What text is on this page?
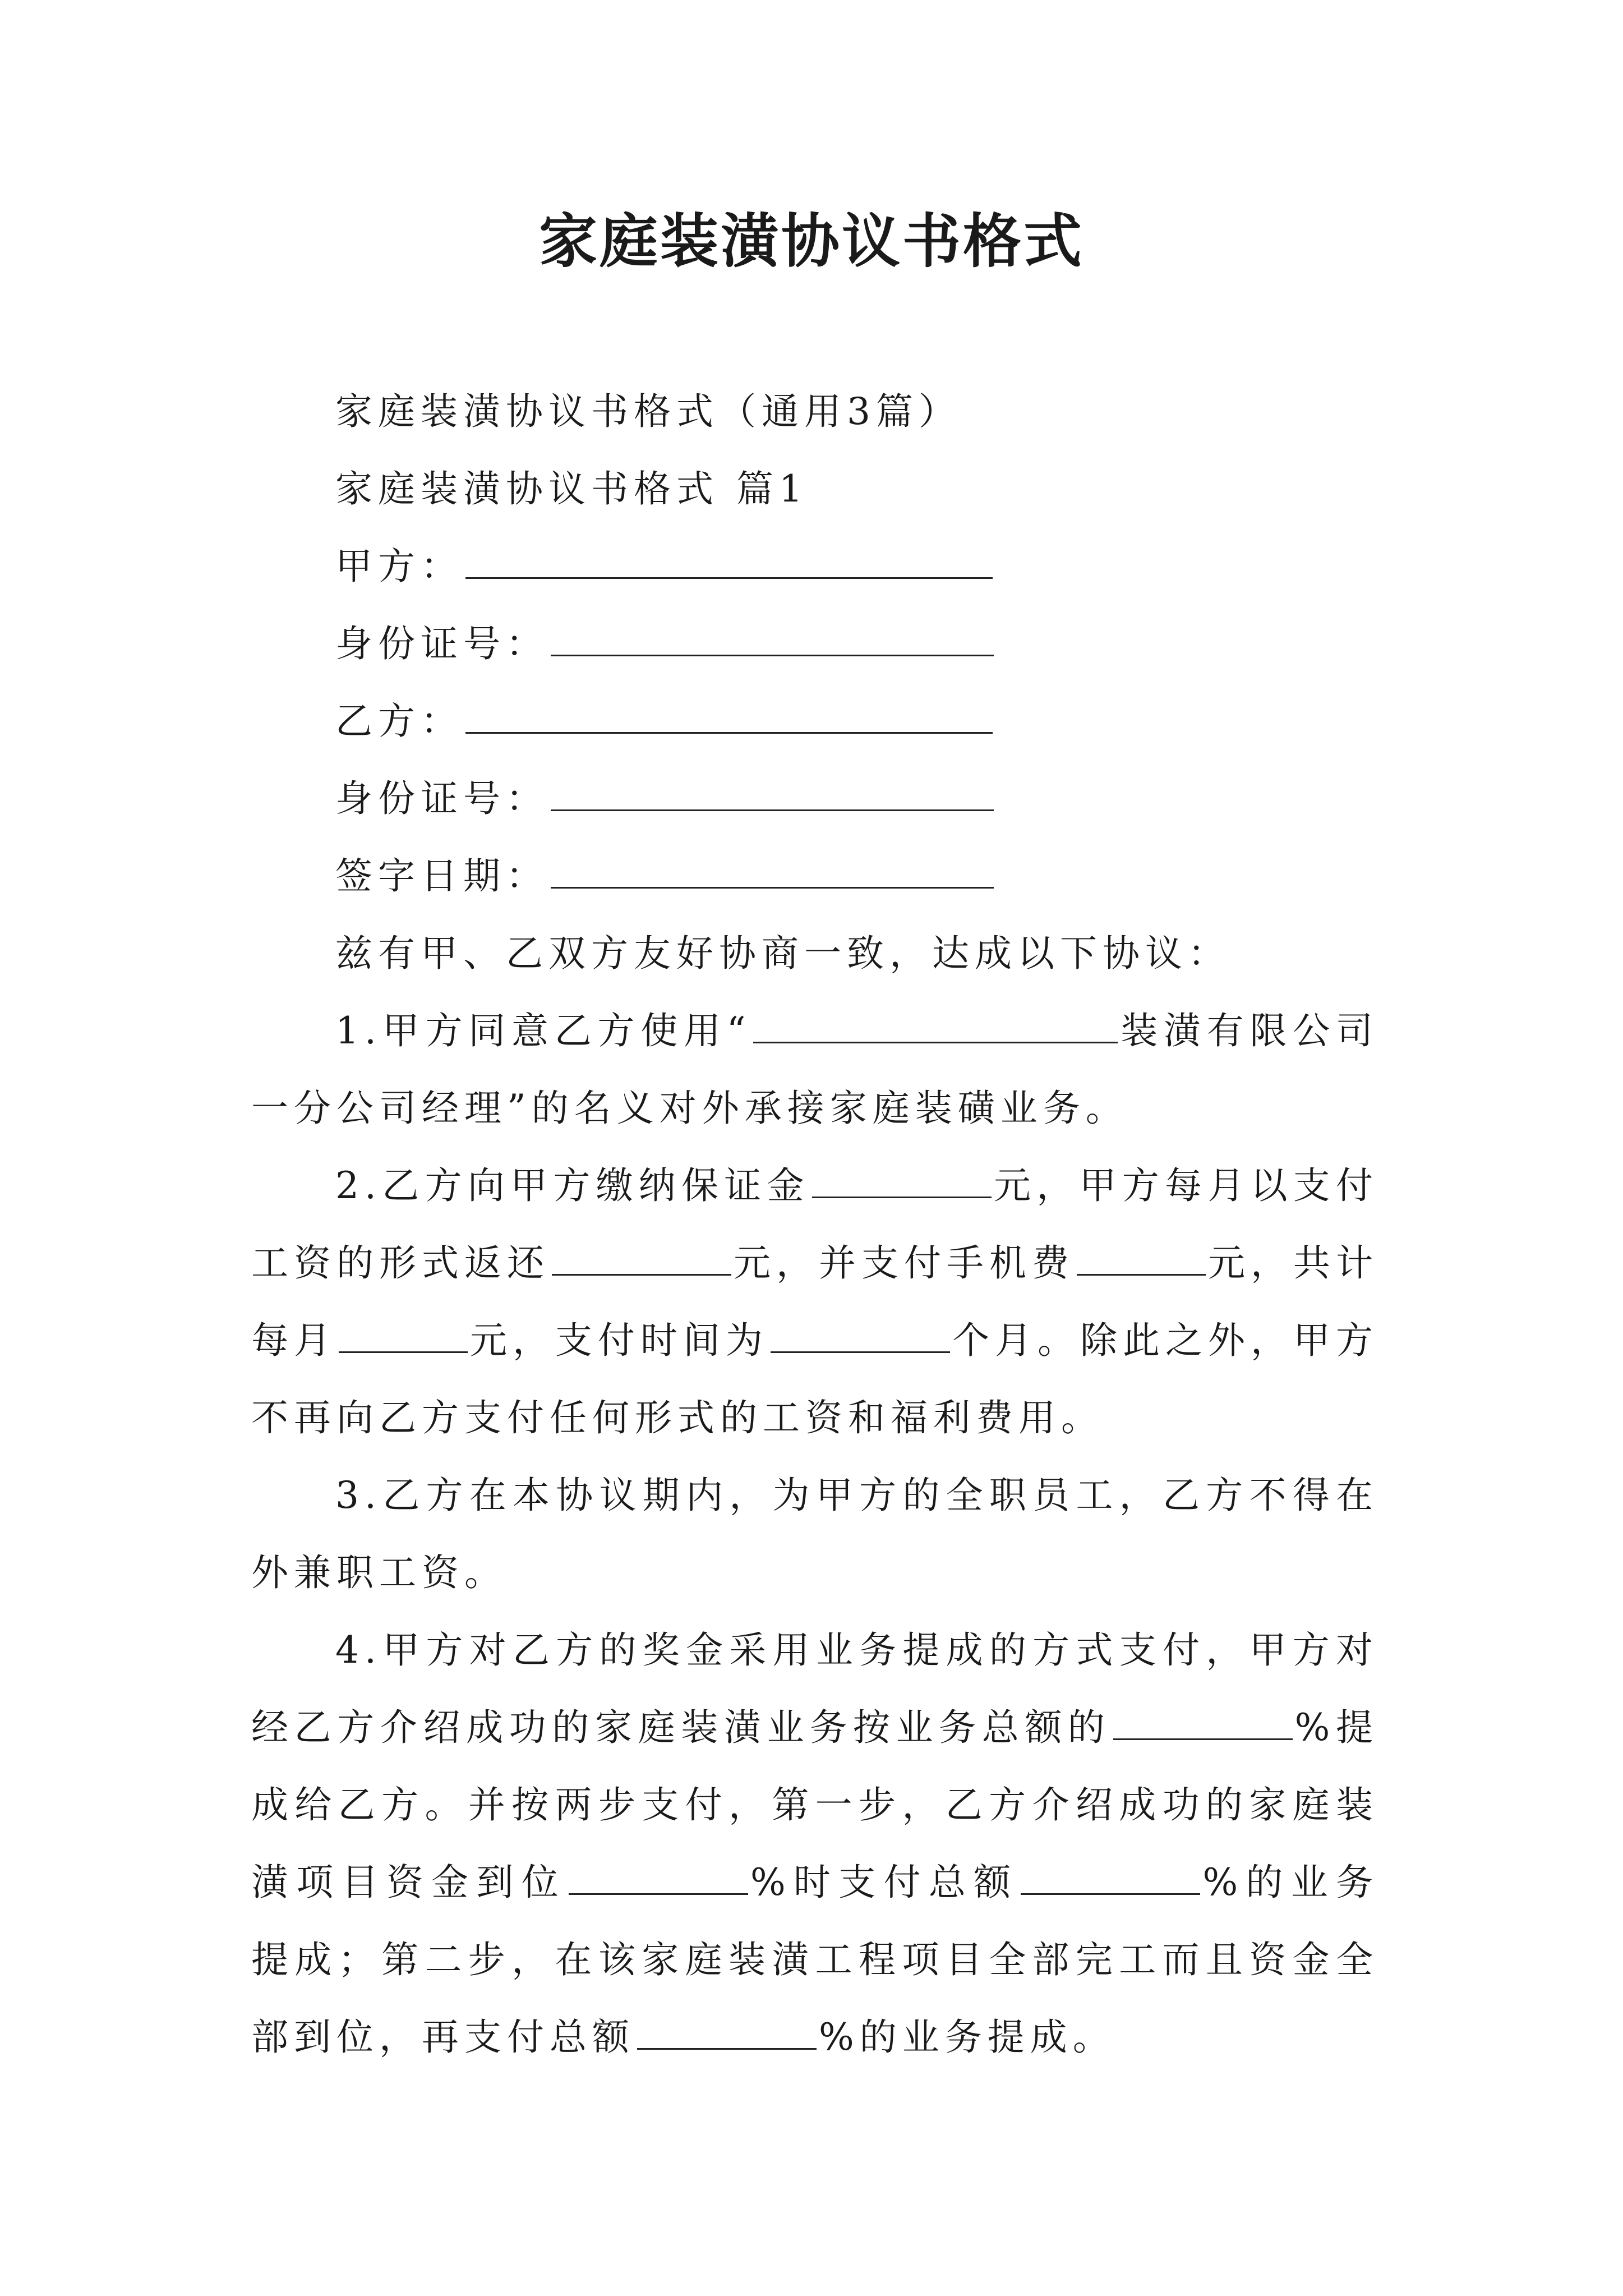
家庭装潢协议书格式
家庭装潢协议书格式（通用3篇）
家庭装潢协议书格式 篇1
甲方：
身份证号：
乙方：
身份证号：
签字日期：
兹有甲、乙双方友好协商一致，达成以下协议：
1.甲方同意乙方使用“	装潢有限公司一分公司经理”的名义对外承接家庭装磺业务。
2.乙方向甲方缴纳保证金	元，甲方每月以支付工资的形式返还	元，并支付手机费	元，共计每月	元，支付时间为	个月。除此之外，甲方不再向乙方支付任何形式的工资和福利费用。
3.乙方在本协议期内，为甲方的全职员工，乙方不得在外兼职工资。
4.甲方对乙方的奖金采用业务提成的方式支付，甲方对经乙方介绍成功的家庭装潢业务按业务总额的	%提成给乙方。并按两步支付，第一步，乙方介绍成功的家庭装潢项目资金到位	%时支付总额	%的业务提成；第二步，在该家庭装潢工程项目全部完工而且资金全部到位，再支付总额	%的业务提成。
